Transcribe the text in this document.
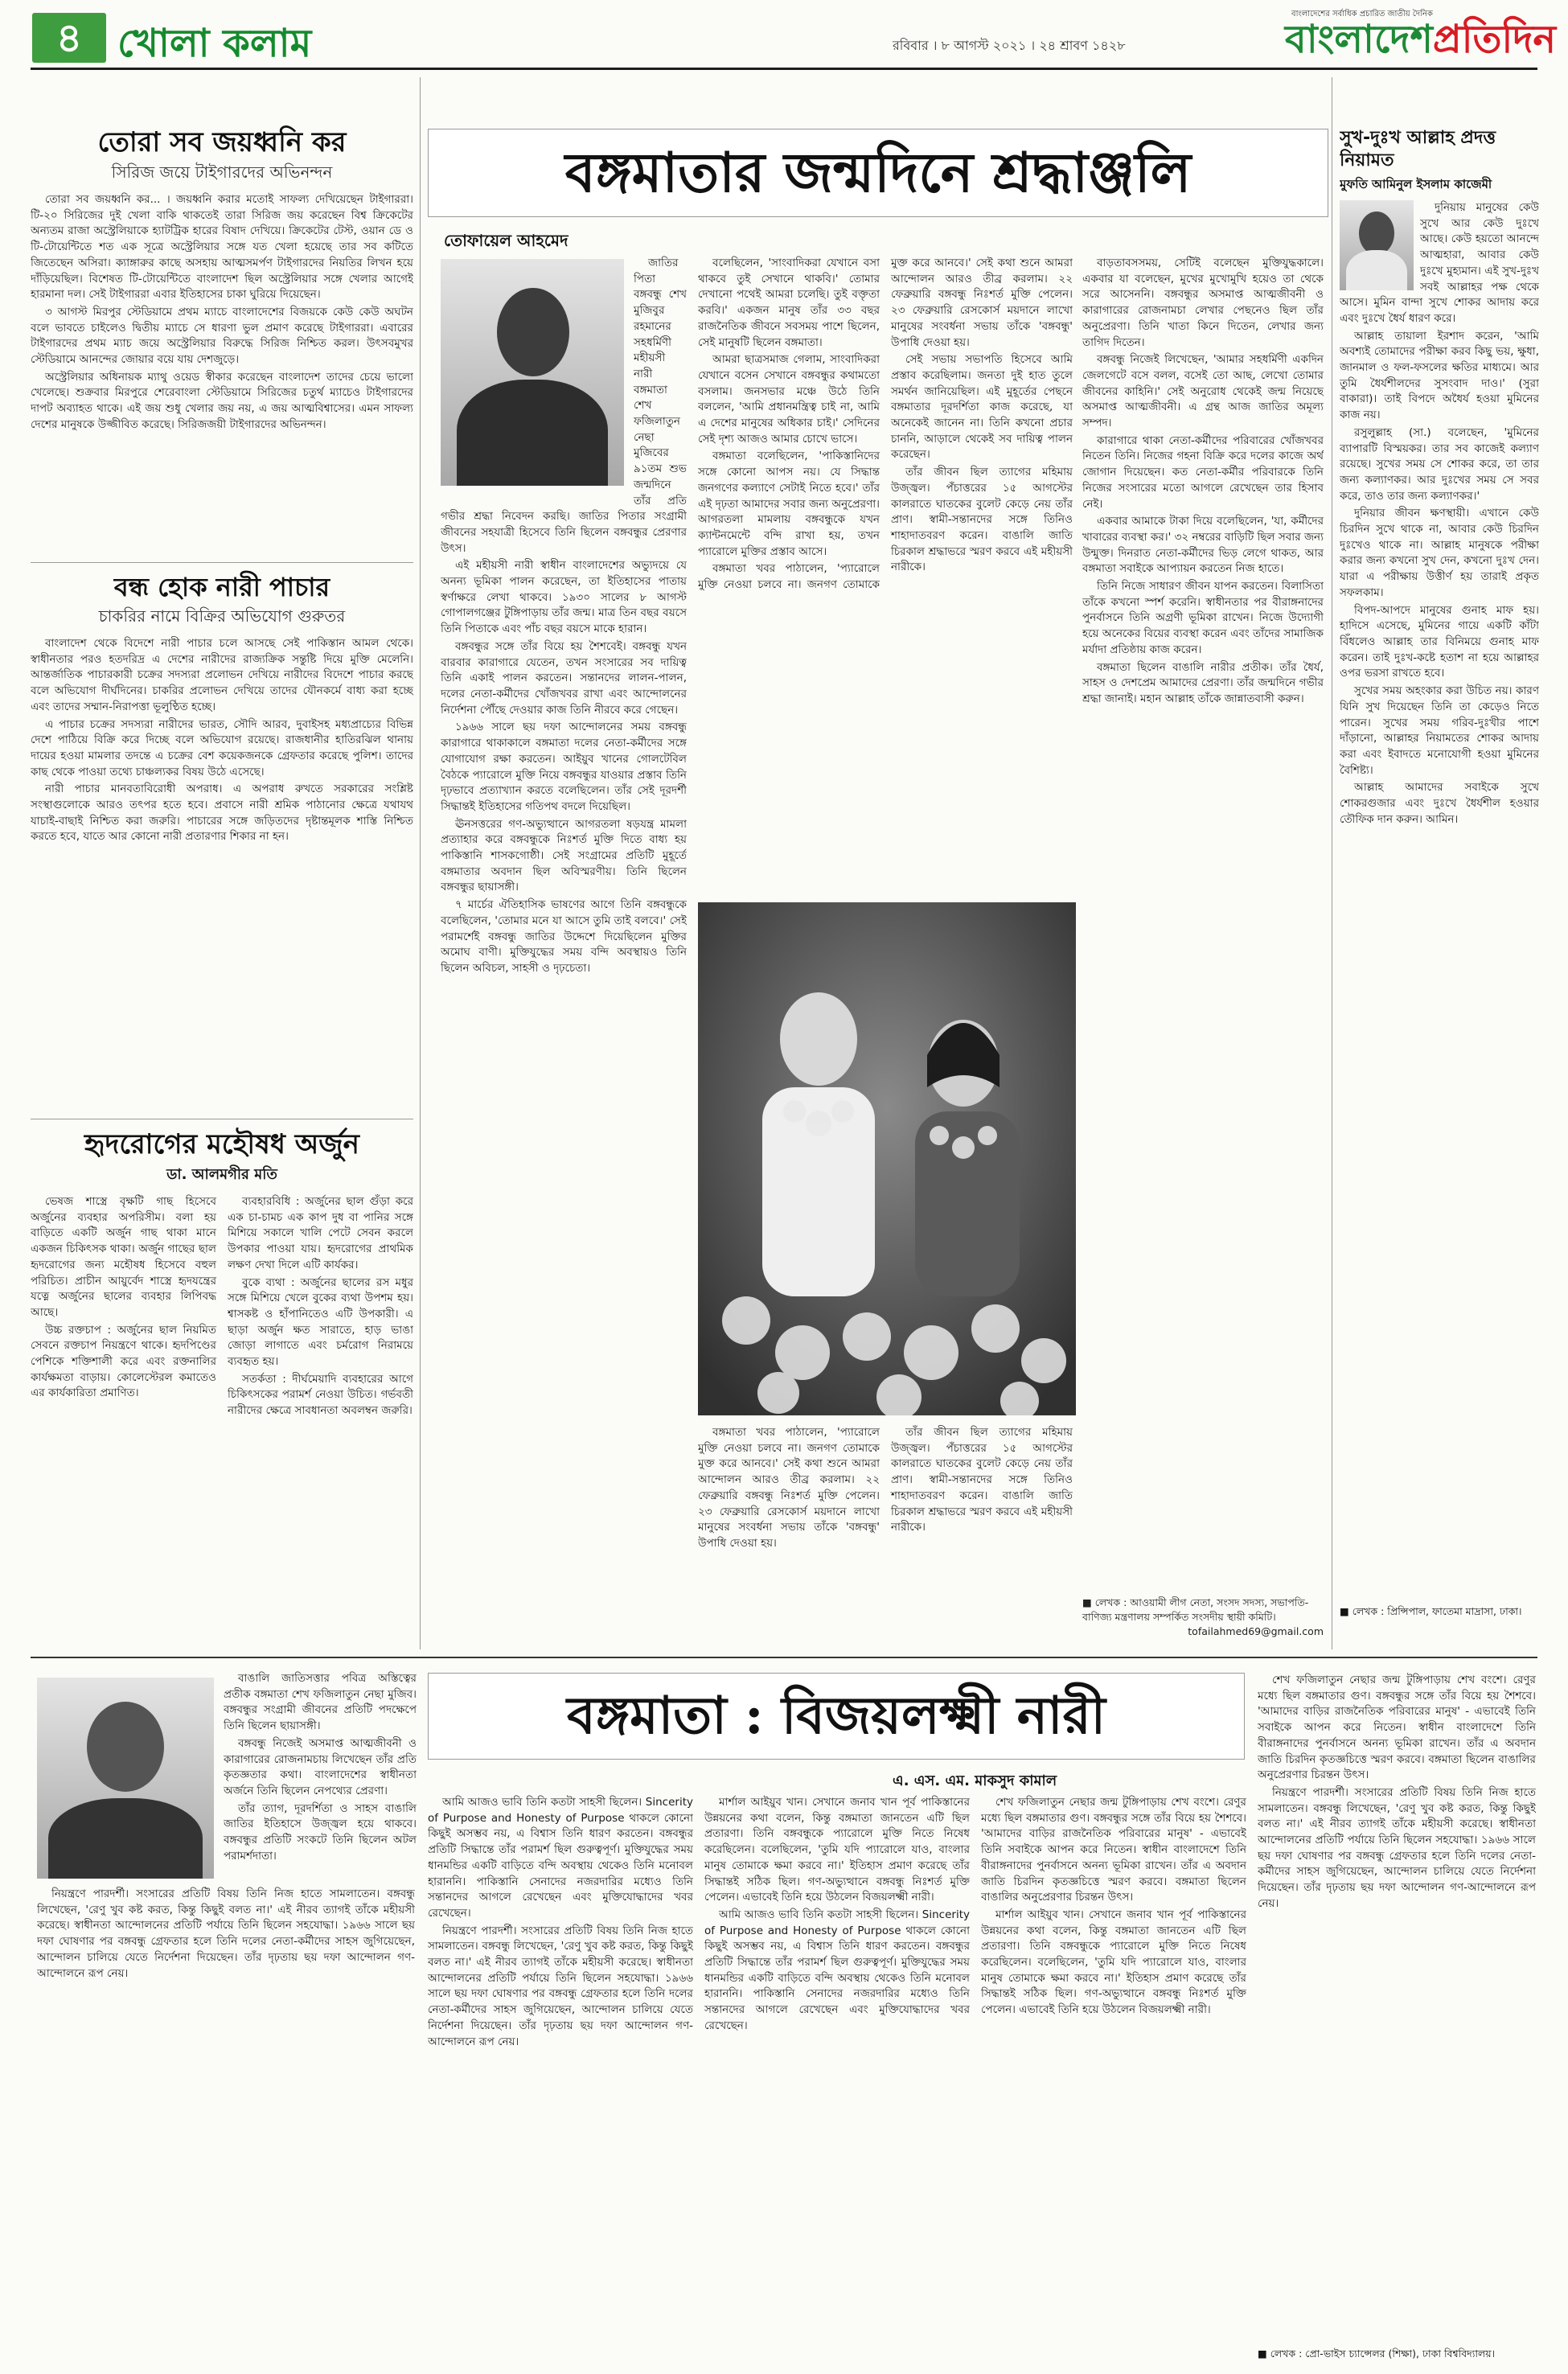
৪ খোলা কলাম	রবিবার । ৮ আগস্ট ২০২১ । ২৪ শ্রাবণ ১৪২৮
বাংলাদেশের সর্বাধিক প্রচারিত জাতীয় দৈনিক
বাংলাদেশপ্রতিদিন
তোরা সব জয়ধ্বনি কর
সিরিজ জয়ে টাইগারদের অভিনন্দন

তোরা সব জয়ধ্বনি কর... । জয়ধ্বনি করার মতোই সাফল্য দেখিয়েছেন টাইগাররা। টি-২০ সিরিজের দুই খেলা বাকি থাকতেই তারা সিরিজ জয় করেছেন বিশ্ব ক্রিকেটের অন্যতম রাজা অস্ট্রেলিয়াকে হ্যাটট্রিক হারের বিষাদ দেখিয়ে। ক্রিকেটের টেস্ট, ওয়ান ডে ও টি-টোয়েন্টিতে শত এক সূত্রে অস্ট্রেলিয়ার সঙ্গে যত খেলা হয়েছে তার সব কটিতে জিতেছেন অসিরা। ক্যাঙ্গারুর কাছে অসহায় আত্মসমর্পণ টাইগারদের নিয়তির লিখন হয়ে দাঁড়িয়েছিল। বিশেষত টি-টোয়েন্টিতে বাংলাদেশ ছিল অস্ট্রেলিয়ার সঙ্গে খেলার আগেই হারমানা দল। সেই টাইগাররা এবার ইতিহাসের চাকা ঘুরিয়ে দিয়েছেন।

৩ আগস্ট মিরপুর স্টেডিয়ামে প্রথম ম্যাচে বাংলাদেশের বিজয়কে কেউ কেউ অঘটন বলে ভাবতে চাইলেও দ্বিতীয় ম্যাচে সে ধারণা ভুল প্রমাণ করেছে টাইগাররা। এবারের টাইগারদের প্রথম ম্যাচ জয়ে অস্ট্রেলিয়ার বিরুদ্ধে সিরিজ নিশ্চিত করল। উৎসবমুখর স্টেডিয়ামে আনন্দের জোয়ার বয়ে যায় দেশজুড়ে।

অস্ট্রেলিয়ার অধিনায়ক ম্যাথু ওয়েড স্বীকার করেছেন বাংলাদেশ তাদের চেয়ে ভালো খেলেছে। শুক্রবার মিরপুরে শেরেবাংলা স্টেডিয়ামে সিরিজের চতুর্থ ম্যাচেও টাইগারদের দাপট অব্যাহত থাকে। এই জয় শুধু খেলার জয় নয়, এ জয় আত্মবিশ্বাসের। এমন সাফল্য দেশের মানুষকে উজ্জীবিত করেছে। সিরিজজয়ী টাইগারদের অভিনন্দন।

বন্ধ হোক নারী পাচার
চাকরির নামে বিক্রির অভিযোগ গুরুতর

বাংলাদেশ থেকে বিদেশে নারী পাচার চলে আসছে সেই পাকিস্তান আমল থেকে। স্বাধীনতার পরও হতদরিদ্র এ দেশের নারীদের রাজ্যক্রিক সন্তুষ্টি দিয়ে মুক্তি মেলেনি। আন্তর্জাতিক পাচারকারী চক্রের সদস্যরা প্রলোভন দেখিয়ে নারীদের বিদেশে পাচার করছে বলে অভিযোগ দীর্ঘদিনের। চাকরির প্রলোভন দেখিয়ে তাদের যৌনকর্মে বাধ্য করা হচ্ছে এবং তাদের সম্মান-নিরাপত্তা ভূলুণ্ঠিত হচ্ছে।

এ পাচার চক্রের সদস্যরা নারীদের ভারত, সৌদি আরব, দুবাইসহ মধ্যপ্রাচ্যের বিভিন্ন দেশে পাঠিয়ে বিক্রি করে দিচ্ছে বলে অভিযোগ রয়েছে। রাজধানীর হাতিরঝিল থানায় দায়ের হওয়া মামলার তদন্তে এ চক্রের বেশ কয়েকজনকে গ্রেফতার করেছে পুলিশ। তাদের কাছ থেকে পাওয়া তথ্যে চাঞ্চল্যকর বিষয় উঠে এসেছে।

নারী পাচার মানবতাবিরোধী অপরাধ। এ অপরাধ রুখতে সরকারের সংশ্লিষ্ট সংস্থাগুলোকে আরও তৎপর হতে হবে। প্রবাসে নারী শ্রমিক পাঠানোর ক্ষেত্রে যথাযথ যাচাই-বাছাই নিশ্চিত করা জরুরি। পাচারের সঙ্গে জড়িতদের দৃষ্টান্তমূলক শাস্তি নিশ্চিত করতে হবে, যাতে আর কোনো নারী প্রতারণার শিকার না হন।

হৃদরোগের মহৌষধ অর্জুন
ডা. আলমগীর মতি

ভেষজ শাস্ত্রে বৃক্ষটি গাছ হিসেবে অর্জুনের ব্যবহার অপরিসীম। বলা হয় বাড়িতে একটি অর্জুন গাছ থাকা মানে একজন চিকিৎসক থাকা। অর্জুন গাছের ছাল হৃদরোগের জন্য মহৌষধ হিসেবে বহুল পরিচিত। প্রাচীন আয়ুর্বেদ শাস্ত্রে হৃদযন্ত্রের যত্নে অর্জুনের ছালের ব্যবহার লিপিবদ্ধ আছে।

উচ্চ রক্তচাপ : অর্জুনের ছাল নিয়মিত সেবনে রক্তচাপ নিয়ন্ত্রণে থাকে। হৃদপিণ্ডের পেশিকে শক্তিশালী করে এবং রক্তনালির কার্যক্ষমতা বাড়ায়। কোলেস্টেরল কমাতেও এর কার্যকারিতা প্রমাণিত।

ব্যবহারবিধি : অর্জুনের ছাল গুঁড়া করে এক চা-চামচ এক কাপ দুধ বা পানির সঙ্গে মিশিয়ে সকালে খালি পেটে সেবন করলে উপকার পাওয়া যায়। হৃদরোগের প্রাথমিক লক্ষণ দেখা দিলে এটি কার্যকর।

বুকে ব্যথা : অর্জুনের ছালের রস মধুর সঙ্গে মিশিয়ে খেলে বুকের ব্যথা উপশম হয়। শ্বাসকষ্ট ও হাঁপানিতেও এটি উপকারী। এ ছাড়া অর্জুন ক্ষত সারাতে, হাড় ভাঙা জোড়া লাগাতে এবং চর্মরোগ নিরাময়ে ব্যবহৃত হয়।

সতর্কতা : দীর্ঘমেয়াদি ব্যবহারের আগে চিকিৎসকের পরামর্শ নেওয়া উচিত। গর্ভবতী নারীদের ক্ষেত্রে সাবধানতা অবলম্বন জরুরি।

বঙ্গমাতার জন্মদিনে শ্রদ্ধাঞ্জলি
তোফায়েল আহমেদ

জাতির পিতা বঙ্গবন্ধু শেখ মুজিবুর রহমানের সহধর্মিণী মহীয়সী নারী বঙ্গমাতা শেখ ফজিলাতুন নেছা মুজিবের ৯১তম শুভ জন্মদিনে তাঁর প্রতি গভীর শ্রদ্ধা নিবেদন করছি। জাতির পিতার সংগ্রামী জীবনের সহযাত্রী হিসেবে তিনি ছিলেন বঙ্গবন্ধুর প্রেরণার উৎস।

এই মহীয়সী নারী স্বাধীন বাংলাদেশের অভ্যুদয়ে যে অনন্য ভূমিকা পালন করেছেন, তা ইতিহাসের পাতায় স্বর্ণাক্ষরে লেখা থাকবে। ১৯৩০ সালের ৮ আগস্ট গোপালগঞ্জের টুঙ্গিপাড়ায় তাঁর জন্ম। মাত্র তিন বছর বয়সে তিনি পিতাকে এবং পাঁচ বছর বয়সে মাকে হারান।

বঙ্গবন্ধুর সঙ্গে তাঁর বিয়ে হয় শৈশবেই। বঙ্গবন্ধু যখন বারবার কারাগারে যেতেন, তখন সংসারের সব দায়িত্ব তিনি একাই পালন করতেন। সন্তানদের লালন-পালন, দলের নেতা-কর্মীদের খোঁজখবর রাখা এবং আন্দোলনের নির্দেশনা পৌঁছে দেওয়ার কাজ তিনি নীরবে করে গেছেন।

১৯৬৬ সালে ছয় দফা আন্দোলনের সময় বঙ্গবন্ধু কারাগারে থাকাকালে বঙ্গমাতা দলের নেতা-কর্মীদের সঙ্গে যোগাযোগ রক্ষা করতেন। আইয়ুব খানের গোলটেবিল বৈঠকে প্যারোলে মুক্তি নিয়ে বঙ্গবন্ধুর যাওয়ার প্রস্তাব তিনি দৃঢ়ভাবে প্রত্যাখ্যান করতে বলেছিলেন। তাঁর সেই দূরদর্শী সিদ্ধান্তই ইতিহাসের গতিপথ বদলে দিয়েছিল।

ঊনসত্তরের গণ-অভ্যুত্থানে আগরতলা ষড়যন্ত্র মামলা প্রত্যাহার করে বঙ্গবন্ধুকে নিঃশর্ত মুক্তি দিতে বাধ্য হয় পাকিস্তানি শাসকগোষ্ঠী। সেই সংগ্রামের প্রতিটি মুহূর্তে বঙ্গমাতার অবদান ছিল অবিস্মরণীয়। তিনি ছিলেন বঙ্গবন্ধুর ছায়াসঙ্গী।

৭ মার্চের ঐতিহাসিক ভাষণের আগে তিনি বঙ্গবন্ধুকে বলেছিলেন, 'তোমার মনে যা আসে তুমি তাই বলবে।' সেই পরামর্শেই বঙ্গবন্ধু জাতির উদ্দেশে দিয়েছিলেন মুক্তির অমোঘ বাণী। মুক্তিযুদ্ধের সময় বন্দি অবস্থায়ও তিনি ছিলেন অবিচল, সাহসী ও দৃঢ়চেতা।

বলেছিলেন, 'সাংবাদিকরা যেখানে বসা থাকবে তুই সেখানে থাকবি।' তোমার দেখানো পথেই আমরা চলেছি। তুই বক্তৃতা করবি।' একজন মানুষ তাঁর ৩৩ বছর রাজনৈতিক জীবনে সবসময় পাশে ছিলেন, সেই মানুষটি ছিলেন বঙ্গমাতা।

আমরা ছাত্রসমাজ গেলাম, সাংবাদিকরা যেখানে বসেন সেখানে বঙ্গবন্ধুর কথামতো বসলাম। জনসভার মঞ্চে উঠে তিনি বললেন, 'আমি প্রধানমন্ত্রিত্ব চাই না, আমি এ দেশের মানুষের অধিকার চাই।' সেদিনের সেই দৃশ্য আজও আমার চোখে ভাসে।

বঙ্গমাতা বলেছিলেন, 'পাকিস্তানিদের সঙ্গে কোনো আপস নয়। যে সিদ্ধান্ত জনগণের কল্যাণে সেটাই নিতে হবে।' তাঁর এই দৃঢ়তা আমাদের সবার জন্য অনুপ্রেরণা। আগরতলা মামলায় বঙ্গবন্ধুকে যখন ক্যান্টনমেন্টে বন্দি রাখা হয়, তখন প্যারোলে মুক্তির প্রস্তাব আসে।

বঙ্গমাতা খবর পাঠালেন, 'প্যারোলে মুক্তি নেওয়া চলবে না। জনগণ তোমাকে মুক্ত করে আনবে।' সেই কথা শুনে আমরা আন্দোলন আরও তীব্র করলাম। ২২ ফেব্রুয়ারি বঙ্গবন্ধু নিঃশর্ত মুক্তি পেলেন। ২৩ ফেব্রুয়ারি রেসকোর্স ময়দানে লাখো মানুষের সংবর্ধনা সভায় তাঁকে 'বঙ্গবন্ধু' উপাধি দেওয়া হয়।

সেই সভায় সভাপতি হিসেবে আমি প্রস্তাব করেছিলাম। জনতা দুই হাত তুলে সমর্থন জানিয়েছিল। এই মুহূর্তের পেছনে বঙ্গমাতার দূরদর্শিতা কাজ করেছে, যা অনেকেই জানেন না। তিনি কখনো প্রচার চাননি, আড়ালে থেকেই সব দায়িত্ব পালন করেছেন।

তাঁর জীবন ছিল ত্যাগের মহিমায় উজ্জ্বল। পঁচাত্তরের ১৫ আগস্টের কালরাতে ঘাতকের বুলেট কেড়ে নেয় তাঁর প্রাণ। স্বামী-সন্তানদের সঙ্গে তিনিও শাহাদাতবরণ করেন। বাঙালি জাতি চিরকাল শ্রদ্ধাভরে স্মরণ করবে এই মহীয়সী নারীকে।

বাড়তাবসসময়, সেটিই বলেছেন মুক্তিযুদ্ধকালে। একবার যা বলেছেন, মুখের মুখোমুখি হয়েও তা থেকে সরে আসেননি। বঙ্গবন্ধুর অসমাপ্ত আত্মজীবনী ও কারাগারের রোজনামচা লেখার পেছনেও ছিল তাঁর অনুপ্রেরণা। তিনি খাতা কিনে দিতেন, লেখার জন্য তাগিদ দিতেন।

বঙ্গবন্ধু নিজেই লিখেছেন, 'আমার সহধর্মিণী একদিন জেলগেটে বসে বলল, বসেই তো আছ, লেখো তোমার জীবনের কাহিনি।' সেই অনুরোধ থেকেই জন্ম নিয়েছে অসমাপ্ত আত্মজীবনী। এ গ্রন্থ আজ জাতির অমূল্য সম্পদ।

কারাগারে থাকা নেতা-কর্মীদের পরিবারের খোঁজখবর নিতেন তিনি। নিজের গহনা বিক্রি করে দলের কাজে অর্থ জোগান দিয়েছেন। কত নেতা-কর্মীর পরিবারকে তিনি নিজের সংসারের মতো আগলে রেখেছেন তার হিসাব নেই।

একবার আমাকে টাকা দিয়ে বলেছিলেন, 'যা, কর্মীদের খাবারের ব্যবস্থা কর।' ৩২ নম্বরের বাড়িটি ছিল সবার জন্য উন্মুক্ত। দিনরাত নেতা-কর্মীদের ভিড় লেগে থাকত, আর বঙ্গমাতা সবাইকে আপ্যায়ন করতেন নিজ হাতে।

তিনি নিজে সাধারণ জীবন যাপন করতেন। বিলাসিতা তাঁকে কখনো স্পর্শ করেনি। স্বাধীনতার পর বীরাঙ্গনাদের পুনর্বাসনে তিনি অগ্রণী ভূমিকা রাখেন। নিজে উদ্যোগী হয়ে অনেকের বিয়ের ব্যবস্থা করেন এবং তাঁদের সামাজিক মর্যাদা প্রতিষ্ঠায় কাজ করেন।

বঙ্গমাতা ছিলেন বাঙালি নারীর প্রতীক। তাঁর ধৈর্য, সাহস ও দেশপ্রেম আমাদের প্রেরণা। তাঁর জন্মদিনে গভীর শ্রদ্ধা জানাই। মহান আল্লাহ তাঁকে জান্নাতবাসী করুন।

■ লেখক : আওয়ামী লীগ নেতা, সংসদ সদস্য, সভাপতি-বাণিজ্য মন্ত্রণালয় সম্পর্কিত সংসদীয় স্থায়ী কমিটি।
tofailahmed69@gmail.com

বঙ্গমাতা খবর পাঠালেন, 'প্যারোলে মুক্তি নেওয়া চলবে না। জনগণ তোমাকে মুক্ত করে আনবে।' সেই কথা শুনে আমরা আন্দোলন আরও তীব্র করলাম। ২২ ফেব্রুয়ারি বঙ্গবন্ধু নিঃশর্ত মুক্তি পেলেন। ২৩ ফেব্রুয়ারি রেসকোর্স ময়দানে লাখো মানুষের সংবর্ধনা সভায় তাঁকে 'বঙ্গবন্ধু' উপাধি দেওয়া হয়।

তাঁর জীবন ছিল ত্যাগের মহিমায় উজ্জ্বল। পঁচাত্তরের ১৫ আগস্টের কালরাতে ঘাতকের বুলেট কেড়ে নেয় তাঁর প্রাণ। স্বামী-সন্তানদের সঙ্গে তিনিও শাহাদাতবরণ করেন। বাঙালি জাতি চিরকাল শ্রদ্ধাভরে স্মরণ করবে এই মহীয়সী নারীকে।

সুখ-দুঃখ আল্লাহ প্রদত্ত নিয়ামত
মুফতি আমিনুল ইসলাম কাজেমী

দুনিয়ায় মানুষের কেউ সুখে আর কেউ দুঃখে আছে। কেউ হয়তো আনন্দে আত্মহারা, আবার কেউ দুঃখে মুহ্যমান। এই সুখ-দুঃখ সবই আল্লাহর পক্ষ থেকে আসে। মুমিন বান্দা সুখে শোকর আদায় করে এবং দুঃখে ধৈর্য ধারণ করে।

আল্লাহ তায়ালা ইরশাদ করেন, 'আমি অবশ্যই তোমাদের পরীক্ষা করব কিছু ভয়, ক্ষুধা, জানমাল ও ফল-ফসলের ক্ষতির মাধ্যমে। আর তুমি ধৈর্যশীলদের সুসংবাদ দাও।' (সুরা বাকারা)। তাই বিপদে অধৈর্য হওয়া মুমিনের কাজ নয়।

রসুলুল্লাহ (সা.) বলেছেন, 'মুমিনের ব্যাপারটি বিস্ময়কর। তার সব কাজেই কল্যাণ রয়েছে। সুখের সময় সে শোকর করে, তা তার জন্য কল্যাণকর। আর দুঃখের সময় সে সবর করে, তাও তার জন্য কল্যাণকর।'

দুনিয়ার জীবন ক্ষণস্থায়ী। এখানে কেউ চিরদিন সুখে থাকে না, আবার কেউ চিরদিন দুঃখেও থাকে না। আল্লাহ মানুষকে পরীক্ষা করার জন্য কখনো সুখ দেন, কখনো দুঃখ দেন। যারা এ পরীক্ষায় উত্তীর্ণ হয় তারাই প্রকৃত সফলকাম।

বিপদ-আপদে মানুষের গুনাহ মাফ হয়। হাদিসে এসেছে, মুমিনের গায়ে একটি কাঁটা বিঁধলেও আল্লাহ তার বিনিময়ে গুনাহ মাফ করেন। তাই দুঃখ-কষ্টে হতাশ না হয়ে আল্লাহর ওপর ভরসা রাখতে হবে।

সুখের সময় অহংকার করা উচিত নয়। কারণ যিনি সুখ দিয়েছেন তিনি তা কেড়েও নিতে পারেন। সুখের সময় গরিব-দুঃখীর পাশে দাঁড়ানো, আল্লাহর নিয়ামতের শোকর আদায় করা এবং ইবাদতে মনোযোগী হওয়া মুমিনের বৈশিষ্ট্য।

আল্লাহ আমাদের সবাইকে সুখে শোকরগুজার এবং দুঃখে ধৈর্যশীল হওয়ার তৌফিক দান করুন। আমিন।

■ লেখক : প্রিন্সিপাল, ফাতেমা মাদ্রাসা, ঢাকা।

বাঙালি জাতিসত্তার পবিত্র অস্তিত্বের প্রতীক বঙ্গমাতা শেখ ফজিলাতুন নেছা মুজিব। বঙ্গবন্ধুর সংগ্রামী জীবনের প্রতিটি পদক্ষেপে তিনি ছিলেন ছায়াসঙ্গী।

বঙ্গবন্ধু নিজেই অসমাপ্ত আত্মজীবনী ও কারাগারের রোজনামচায় লিখেছেন তাঁর প্রতি কৃতজ্ঞতার কথা। বাংলাদেশের স্বাধীনতা অর্জনে তিনি ছিলেন নেপথ্যের প্রেরণা।

তাঁর ত্যাগ, দূরদর্শিতা ও সাহস বাঙালি জাতির ইতিহাসে উজ্জ্বল হয়ে থাকবে। বঙ্গবন্ধুর প্রতিটি সংকটে তিনি ছিলেন অটল পরামর্শদাতা।

বঙ্গমাতা : বিজয়লক্ষ্মী নারী
এ. এস. এম. মাকসুদ কামাল

নিয়ন্ত্রণে পারদর্শী। সংসারের প্রতিটি বিষয় তিনি নিজ হাতে সামলাতেন। বঙ্গবন্ধু লিখেছেন, 'রেণু খুব কষ্ট করত, কিন্তু কিছুই বলত না।' এই নীরব ত্যাগই তাঁকে মহীয়সী করেছে। স্বাধীনতা আন্দোলনের প্রতিটি পর্যায়ে তিনি ছিলেন সহযোদ্ধা। ১৯৬৬ সালে ছয় দফা ঘোষণার পর বঙ্গবন্ধু গ্রেফতার হলে তিনি দলের নেতা-কর্মীদের সাহস জুগিয়েছেন, আন্দোলন চালিয়ে যেতে নির্দেশনা দিয়েছেন। তাঁর দৃঢ়তায় ছয় দফা আন্দোলন গণ-আন্দোলনে রূপ নেয়।

আমি আজও ভাবি তিনি কতটা সাহসী ছিলেন। Sincerity of Purpose and Honesty of Purpose থাকলে কোনো কিছুই অসম্ভব নয়, এ বিশ্বাস তিনি ধারণ করতেন। বঙ্গবন্ধুর প্রতিটি সিদ্ধান্তে তাঁর পরামর্শ ছিল গুরুত্বপূর্ণ। মুক্তিযুদ্ধের সময় ধানমন্ডির একটি বাড়িতে বন্দি অবস্থায় থেকেও তিনি মনোবল হারাননি। পাকিস্তানি সেনাদের নজরদারির মধ্যেও তিনি সন্তানদের আগলে রেখেছেন এবং মুক্তিযোদ্ধাদের খবর রেখেছেন।

নিয়ন্ত্রণে পারদর্শী। সংসারের প্রতিটি বিষয় তিনি নিজ হাতে সামলাতেন। বঙ্গবন্ধু লিখেছেন, 'রেণু খুব কষ্ট করত, কিন্তু কিছুই বলত না।' এই নীরব ত্যাগই তাঁকে মহীয়সী করেছে। স্বাধীনতা আন্দোলনের প্রতিটি পর্যায়ে তিনি ছিলেন সহযোদ্ধা। ১৯৬৬ সালে ছয় দফা ঘোষণার পর বঙ্গবন্ধু গ্রেফতার হলে তিনি দলের নেতা-কর্মীদের সাহস জুগিয়েছেন, আন্দোলন চালিয়ে যেতে নির্দেশনা দিয়েছেন। তাঁর দৃঢ়তায় ছয় দফা আন্দোলন গণ-আন্দোলনে রূপ নেয়।

মার্শাল আইয়ুব খান। সেখানে জনাব খান পূর্ব পাকিস্তানের উন্নয়নের কথা বলেন, কিন্তু বঙ্গমাতা জানতেন এটি ছিল প্রতারণা। তিনি বঙ্গবন্ধুকে প্যারোলে মুক্তি নিতে নিষেধ করেছিলেন। বলেছিলেন, 'তুমি যদি প্যারোলে যাও, বাংলার মানুষ তোমাকে ক্ষমা করবে না।' ইতিহাস প্রমাণ করেছে তাঁর সিদ্ধান্তই সঠিক ছিল। গণ-অভ্যুত্থানে বঙ্গবন্ধু নিঃশর্ত মুক্তি পেলেন। এভাবেই তিনি হয়ে উঠলেন বিজয়লক্ষ্মী নারী।

আমি আজও ভাবি তিনি কতটা সাহসী ছিলেন। Sincerity of Purpose and Honesty of Purpose থাকলে কোনো কিছুই অসম্ভব নয়, এ বিশ্বাস তিনি ধারণ করতেন। বঙ্গবন্ধুর প্রতিটি সিদ্ধান্তে তাঁর পরামর্শ ছিল গুরুত্বপূর্ণ। মুক্তিযুদ্ধের সময় ধানমন্ডির একটি বাড়িতে বন্দি অবস্থায় থেকেও তিনি মনোবল হারাননি। পাকিস্তানি সেনাদের নজরদারির মধ্যেও তিনি সন্তানদের আগলে রেখেছেন এবং মুক্তিযোদ্ধাদের খবর রেখেছেন।

শেখ ফজিলাতুন নেছার জন্ম টুঙ্গিপাড়ায় শেখ বংশে। রেণুর মধ্যে ছিল বঙ্গমাতার গুণ। বঙ্গবন্ধুর সঙ্গে তাঁর বিয়ে হয় শৈশবে। 'আমাদের বাড়ির রাজনৈতিক পরিবারের মানুষ' - এভাবেই তিনি সবাইকে আপন করে নিতেন। স্বাধীন বাংলাদেশে তিনি বীরাঙ্গনাদের পুনর্বাসনে অনন্য ভূমিকা রাখেন। তাঁর এ অবদান জাতি চিরদিন কৃতজ্ঞচিত্তে স্মরণ করবে। বঙ্গমাতা ছিলেন বাঙালির অনুপ্রেরণার চিরন্তন উৎস।

মার্শাল আইয়ুব খান। সেখানে জনাব খান পূর্ব পাকিস্তানের উন্নয়নের কথা বলেন, কিন্তু বঙ্গমাতা জানতেন এটি ছিল প্রতারণা। তিনি বঙ্গবন্ধুকে প্যারোলে মুক্তি নিতে নিষেধ করেছিলেন। বলেছিলেন, 'তুমি যদি প্যারোলে যাও, বাংলার মানুষ তোমাকে ক্ষমা করবে না।' ইতিহাস প্রমাণ করেছে তাঁর সিদ্ধান্তই সঠিক ছিল। গণ-অভ্যুত্থানে বঙ্গবন্ধু নিঃশর্ত মুক্তি পেলেন। এভাবেই তিনি হয়ে উঠলেন বিজয়লক্ষ্মী নারী।

শেখ ফজিলাতুন নেছার জন্ম টুঙ্গিপাড়ায় শেখ বংশে। রেণুর মধ্যে ছিল বঙ্গমাতার গুণ। বঙ্গবন্ধুর সঙ্গে তাঁর বিয়ে হয় শৈশবে। 'আমাদের বাড়ির রাজনৈতিক পরিবারের মানুষ' - এভাবেই তিনি সবাইকে আপন করে নিতেন। স্বাধীন বাংলাদেশে তিনি বীরাঙ্গনাদের পুনর্বাসনে অনন্য ভূমিকা রাখেন। তাঁর এ অবদান জাতি চিরদিন কৃতজ্ঞচিত্তে স্মরণ করবে। বঙ্গমাতা ছিলেন বাঙালির অনুপ্রেরণার চিরন্তন উৎস।

নিয়ন্ত্রণে পারদর্শী। সংসারের প্রতিটি বিষয় তিনি নিজ হাতে সামলাতেন। বঙ্গবন্ধু লিখেছেন, 'রেণু খুব কষ্ট করত, কিন্তু কিছুই বলত না।' এই নীরব ত্যাগই তাঁকে মহীয়সী করেছে। স্বাধীনতা আন্দোলনের প্রতিটি পর্যায়ে তিনি ছিলেন সহযোদ্ধা। ১৯৬৬ সালে ছয় দফা ঘোষণার পর বঙ্গবন্ধু গ্রেফতার হলে তিনি দলের নেতা-কর্মীদের সাহস জুগিয়েছেন, আন্দোলন চালিয়ে যেতে নির্দেশনা দিয়েছেন। তাঁর দৃঢ়তায় ছয় দফা আন্দোলন গণ-আন্দোলনে রূপ নেয়।

■ লেখক : প্রো-ভাইস চ্যান্সেলর (শিক্ষা), ঢাকা বিশ্ববিদ্যালয়।
